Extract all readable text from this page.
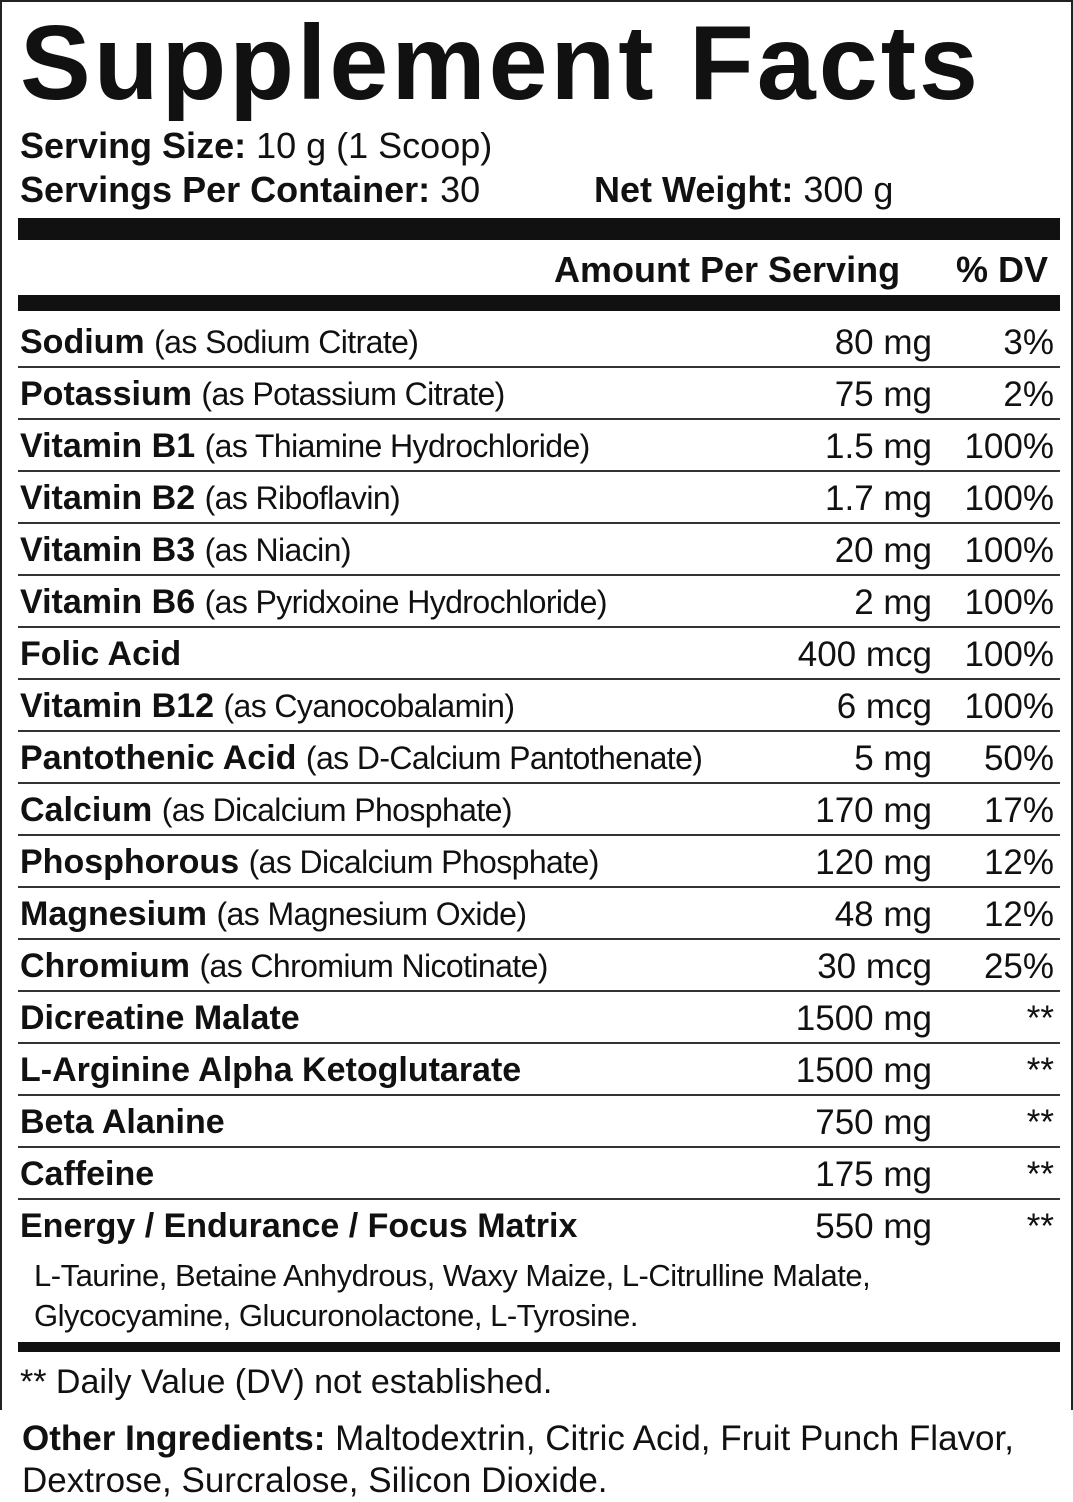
Supplement Facts
Serving Size: 10 g (1 Scoop)
Servings Per Container: 30	Net Weight: 300 g
Amount Per Serving % DV
Sodium (as Sodium Citrate)	80 mg 3%
Potassium (as Potassium Citrate)	75 mg 2%
Vitamin B1 (as Thiamine Hydrochloride)	1.5 mg 100%
Vitamin B2 (as Riboflavin)	1.7 mg 100%
Vitamin B3 (as Niacin)	20 mg 100%
Vitamin B6 (as Pyridxoine Hydrochloride)	2 mg 100%
Folic Acid	400 mcg 100%
Vitamin B12 (as Cyanocobalamin)	6 mcg 100%
Pantothenic Acid (as D-Calcium Pantothenate)	5 mg 50%
Calcium (as Dicalcium Phosphate)	170 mg 17%
Phosphorous (as Dicalcium Phosphate)	120 mg 12%
Magnesium (as Magnesium Oxide)	48 mg 12%
Chromium (as Chromium Nicotinate)	30 mcg 25%
Dicreatine Malate	1500 mg	**
L-Arginine Alpha Ketoglutarate	1500 mg	**
Beta Alanine	750 mg	**
Caffeine	175 mg	**
Energy / Endurance / Focus Matrix	550 mg	**
L-Taurine, Betaine Anhydrous, Waxy Maize, L-Citrulline Malate, Glycocyamine, Glucuronolactone, L-Tyrosine.
** Daily Value (DV) not established.
Other Ingredients: Maltodextrin, Citric Acid, Fruit Punch Flavor, Dextrose, Surcralose, Silicon Dioxide.
